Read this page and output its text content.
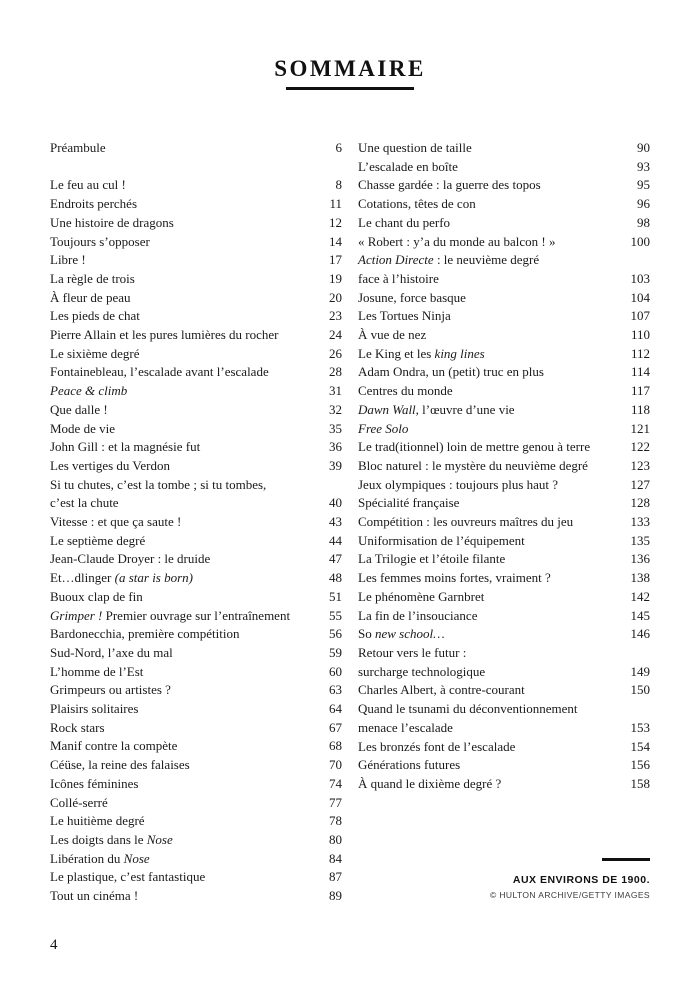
SOMMAIRE
Préambule	6
Le feu au cul !	8
Endroits perchés	11
Une histoire de dragons	12
Toujours s’opposer	14
Libre !	17
La règle de trois	19
À fleur de peau	20
Les pieds de chat	23
Pierre Allain et les pures lumières du rocher	24
Le sixième degré	26
Fontainebleau, l’escalade avant l’escalade	28
Peace & climb	31
Que dalle !	32
Mode de vie	35
John Gill : et la magnésie fut	36
Les vertiges du Verdon	39
Si tu chutes, c’est la tombe ; si tu tombes,
c’est la chute	40
Vitesse : et que ça saute !	43
Le septième degré	44
Jean-Claude Droyer : le druide	47
Et…dlinger (a star is born)	48
Buoux clap de fin	51
Grimper ! Premier ouvrage sur l’entraînement	55
Bardonecchia, première compétition	56
Sud-Nord, l’axe du mal	59
L’homme de l’Est	60
Grimpeurs ou artistes ?	63
Plaisirs solitaires	64
Rock stars	67
Manif contre la compète	68
Céüse, la reine des falaises	70
Icônes féminines	74
Collé-serré	77
Le huitième degré	78
Les doigts dans le Nose	80
Libération du Nose	84
Le plastique, c’est fantastique	87
Tout un cinéma !	89
Une question de taille	90
L’escalade en boîte	93
Chasse gardée : la guerre des topos	95
Cotations, têtes de con	96
Le chant du perfo	98
« Robert : y’a du monde au balcon ! »	100
Action Directe : le neuvième degré
face à l’histoire	103
Josune, force basque	104
Les Tortues Ninja	107
À vue de nez	110
Le King et les king lines	112
Adam Ondra, un (petit) truc en plus	114
Centres du monde	117
Dawn Wall, l’œuvre d’une vie	118
Free Solo	121
Le trad(itionnel) loin de mettre genou à terre	122
Bloc naturel : le mystère du neuvième degré	123
Jeux olympiques : toujours plus haut ?	127
Spécialité française	128
Compétition : les ouvreurs maîtres du jeu	133
Uniformisation de l’équipement	135
La Trilogie et l’étoile filante	136
Les femmes moins fortes, vraiment ?	138
Le phénomène Garnbret	142
La fin de l’insouciance	145
So new school…	146
Retour vers le futur :
surcharge technologique	149
Charles Albert, à contre-courant	150
Quand le tsunami du déconventionnement
menace l’escalade	153
Les bronzés font de l’escalade	154
Générations futures	156
À quand le dixième degré ?	158
AUX ENVIRONS DE 1900.
© HULTON ARCHIVE/GETTY IMAGES
4
